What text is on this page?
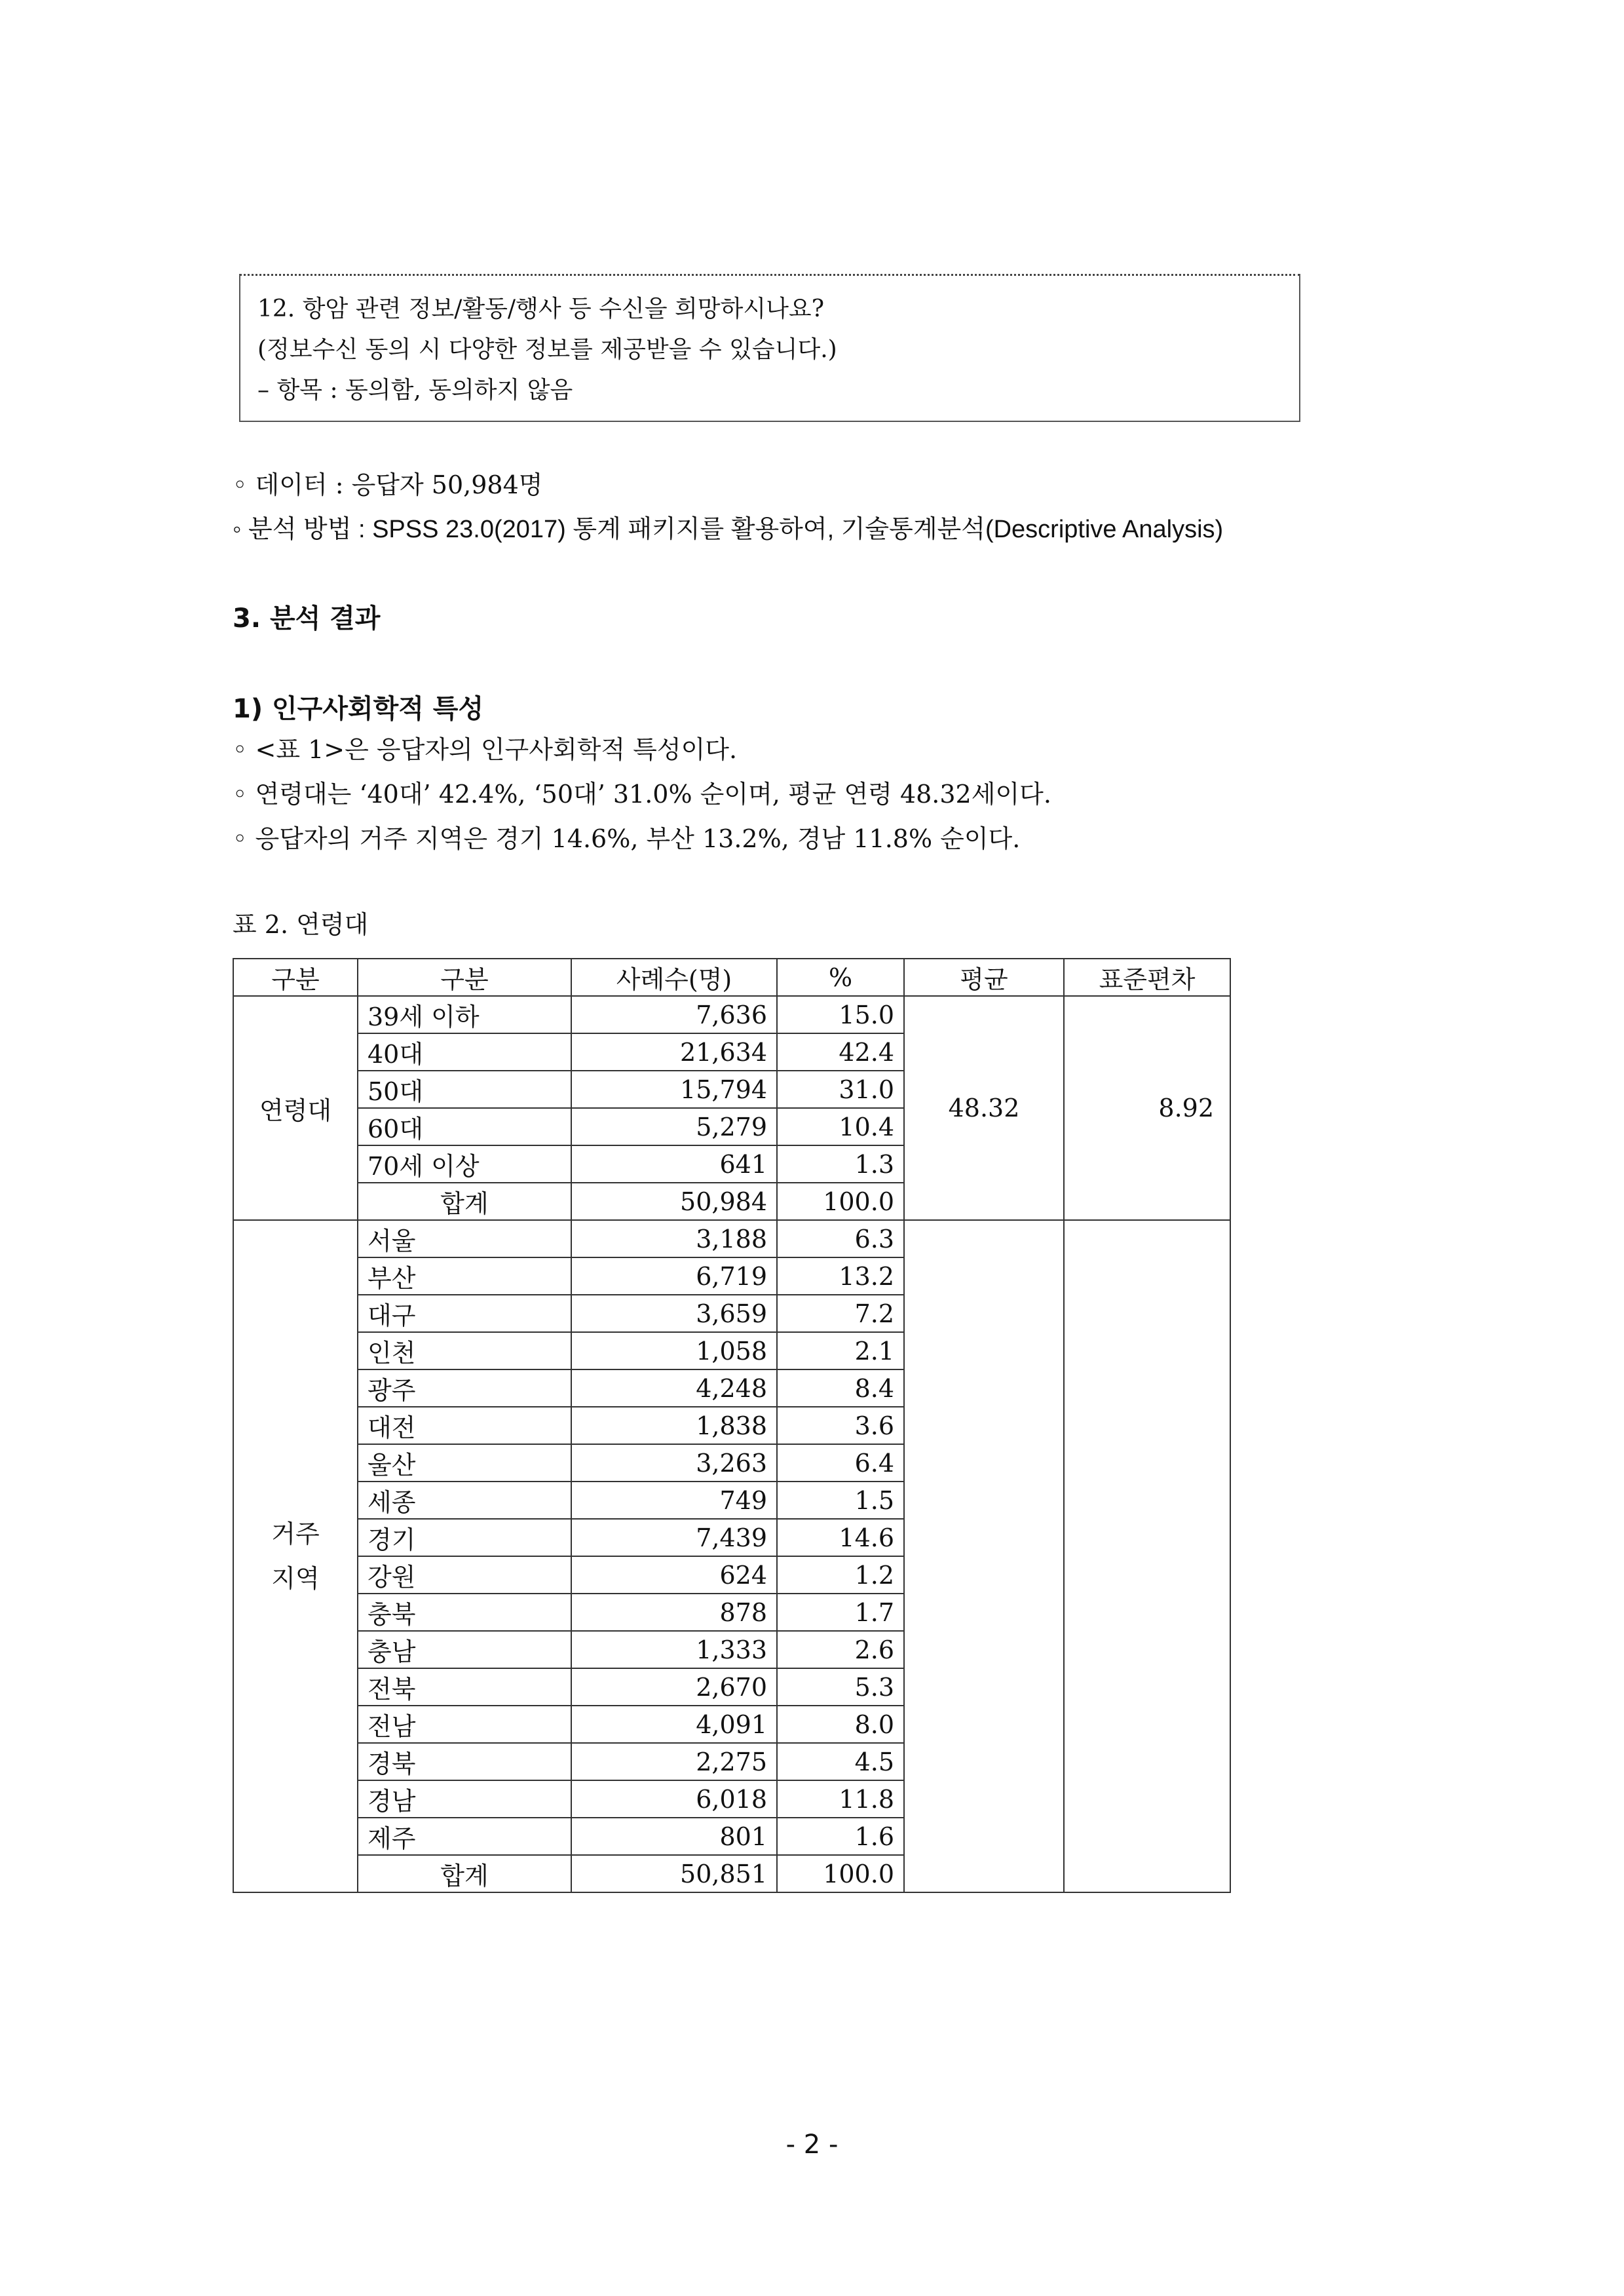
12. 항암 관련 정보/활동/행사 등 수신을 희망하시나요?
(정보수신 동의 시 다양한 정보를 제공받을 수 있습니다.)
– 항목 : 동의함, 동의하지 않음
◦ 데이터 : 응답자 50,984명
◦ 분석 방법 : SPSS 23.0(2017) 통계 패키지를 활용하여, 기술통계분석(Descriptive Analysis)
3. 분석 결과
1) 인구사회학적 특성
◦ <표 1>은 응답자의 인구사회학적 특성이다.
◦ 연령대는 ‘40대’ 42.4%, ‘50대’ 31.0% 순이며, 평균 연령 48.32세이다.
◦ 응답자의 거주 지역은 경기 14.6%, 부산 13.2%, 경남 11.8% 순이다.
표 2. 연령대
구분	구분	사례수(명)	%	평균	표준편차
연령대	39세 이하	7,636	15.0	48.32	8.92
	40대	21,634	42.4		
	50대	15,794	31.0		
	60대	5,279	10.4		
	70세 이상	641	1.3		
	합계	50,984	100.0		

거주
지역	서울	3,188	6.3		
	부산	6,719	13.2		
	대구	3,659	7.2		
	인천	1,058	2.1		
	광주	4,248	8.4		
	대전	1,838	3.6		
	울산	3,263	6.4		
	세종	749	1.5		
	경기	7,439	14.6		
	강원	624	1.2		
	충북	878	1.7		
	충남	1,333	2.6		
	전북	2,670	5.3		
	전남	4,091	8.0		
	경북	2,275	4.5		
	경남	6,018	11.8		
	제주	801	1.6		
	합계	50,851	100.0		
- 2 -
